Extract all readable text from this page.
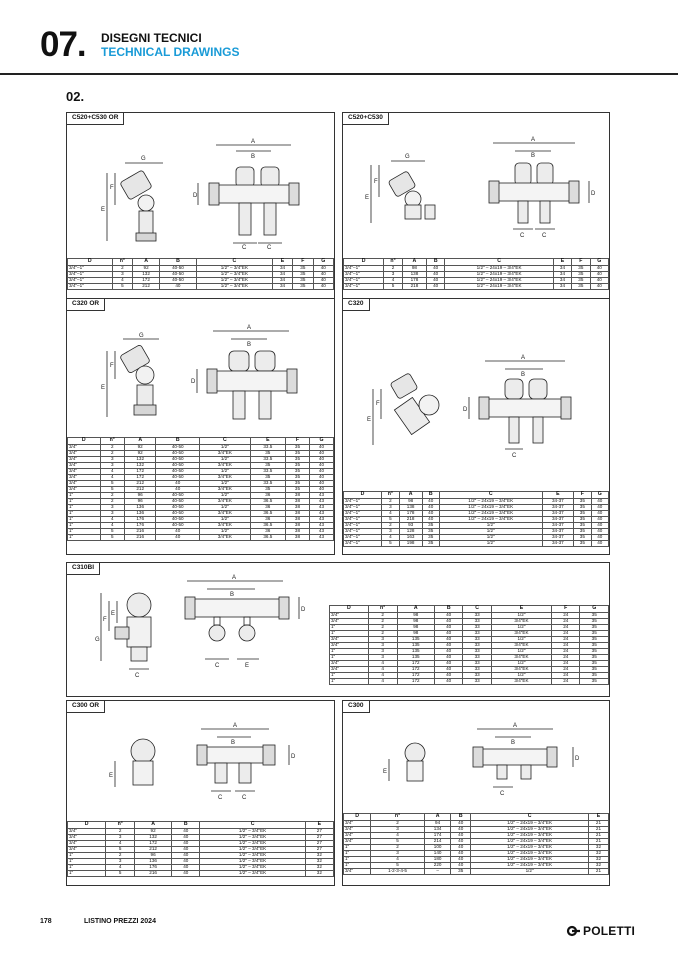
07. DISEGNI TECNICI
TECHNICAL DRAWINGS
02.
C520+C530 OR
E
F
G
A
B
D
C	C
D	n°	A	B	C	E	F	G
3/4"–1"	2	92	40-50	1/2" – 3/4"EK	34	35	40
3/4"–1"	3	132	40-50	1/2" – 3/4"EK	34	35	40
3/4"–1"	4	172	40-50	1/2" – 3/4"EK	34	35	40
3/4"–1"	5	212	40	1/2" – 3/4"EK	34	35	40
C520+C530
E
F
G
A
B
D
C	C
D	n°	A	B	C	E	F	G
3/4"–1"	2	98	40	1/2" – 24x19 – 3/4"EK	34	35	40
3/4"–1"	3	138	40	1/2" – 24x19 – 3/4"EK	34	35	40
3/4"–1"	4	178	40	1/2" – 24x19 – 3/4"EK	34	35	40
3/4"–1"	5	218	40	1/2" – 24x19 – 3/4"EK	34	35	40
C320 OR
E
F
G
A
B
D
D	n°	A	B	C	E	F	G
3/4"	2	92	40-50	1/2"	33.5	35	40
3/4"	2	92	40-50	3/4"EK	35	35	40
3/4"	3	132	40-50	1/2"	33.5	35	40
3/4"	3	132	40-50	3/4"EK	35	35	40
3/4"	4	172	40-50	1/2"	33.5	35	40
3/4"	4	172	40-50	3/4"EK	35	35	40
3/4"	5	212	40	1/2"	33.5	35	40
3/4"	5	212	40	3/4"EK	35	35	40
1"	2	96	40-50	1/2"	36	38	43
1"	2	96	40-50	3/4"EK	36.5	38	43
1"	3	136	40-50	1/2"	36	38	43
1"	3	136	40-50	3/4"EK	36.5	38	43
1"	4	176	40-50	1/2"	36	38	43
1"	4	176	40-50	3/4"EK	36.5	38	43
1"	5	216	40	1/2"	36	38	43
1"	5	216	40	3/4"EK	36.5	38	43
C320
E
F
A
B
D
C
D	n°	A	B	C	E	F	G
3/4"–1"	2	98	40	1/2" – 24x19 – 3/4"EK	34-37	35	40
3/4"–1"	3	138	40	1/2" – 24x19 – 3/4"EK	34-37	35	40
3/4"–1"	4	178	40	1/2" – 24x19 – 3/4"EK	34-37	35	40
3/4"–1"	5	218	40	1/2" – 24x19 – 3/4"EK	34-37	35	40
3/4"–1"	2	93	35	1/2"	34-37	35	40
3/4"–1"	3	128	35	1/2"	34-37	35	40
3/4"–1"	4	163	35	1/2"	34-37	35	40
3/4"–1"	5	198	35	1/2"	34-37	35	40
C310BI
G
F
E
C
A
B
C	E
D	D	n°	A	B	C	E	F	G
3/4"	2	98	40	33	1/2"	24	35
3/4"	2	98	40	33	3/4"EK	24	35
1"	2	98	40	33	1/2"	24	35
1"	2	98	40	33	3/4"EK	24	35
3/4"	3	135	40	33	1/2"	24	35
3/4"	3	135	40	33	3/4"EK	24	35
1"	3	135	40	33	1/2"	24	35
1"	3	135	40	33	3/4"EK	24	35
3/4"	4	172	40	33	1/2"	24	35
3/4"	4	172	40	33	3/4"EK	24	35
1"	4	172	40	33	1/2"	24	35
1"	4	172	40	33	3/4"EK	24	35
C300 OR
E
A
B
D
C	C
D	n°	A	B	C	E
3/4"	2	92	40	1/2" – 3/4"EK	27
3/4"	3	132	40	1/2" – 3/4"EK	27
3/4"	4	172	40	1/2" – 3/4"EK	27
3/4"	5	212	40	1/2" – 3/4"EK	27
1"	2	96	40	1/2" – 3/4"EK	32
1"	3	136	40	1/2" – 3/4"EK	32
1"	4	176	40	1/2" – 3/4"EK	32
1"	5	216	40	1/2" – 3/4"EK	32
C300
E
A
B
D
C
D	n°	A	B	C	E
3/4"	2	94	40	1/2" – 24x19 – 3/4"EK	21
3/4"	3	134	40	1/2" – 24x19 – 3/4"EK	21
3/4"	4	174	40	1/2" – 24x19 – 3/4"EK	21
3/4"	5	214	40	1/2" – 24x19 – 3/4"EK	21
1"	2	100	40	1/2" – 24x19 – 3/4"EK	32
1"	3	140	40	1/2" – 24x19 – 3/4"EK	32
1"	4	180	40	1/2" – 24x19 – 3/4"EK	32
1"	5	220	40	1/2" – 24x19 – 3/4"EK	32
3/4"	1-2-3-4-5	–	35	1/2"	21
178	LISTINO PREZZI 2024
POLETTI
